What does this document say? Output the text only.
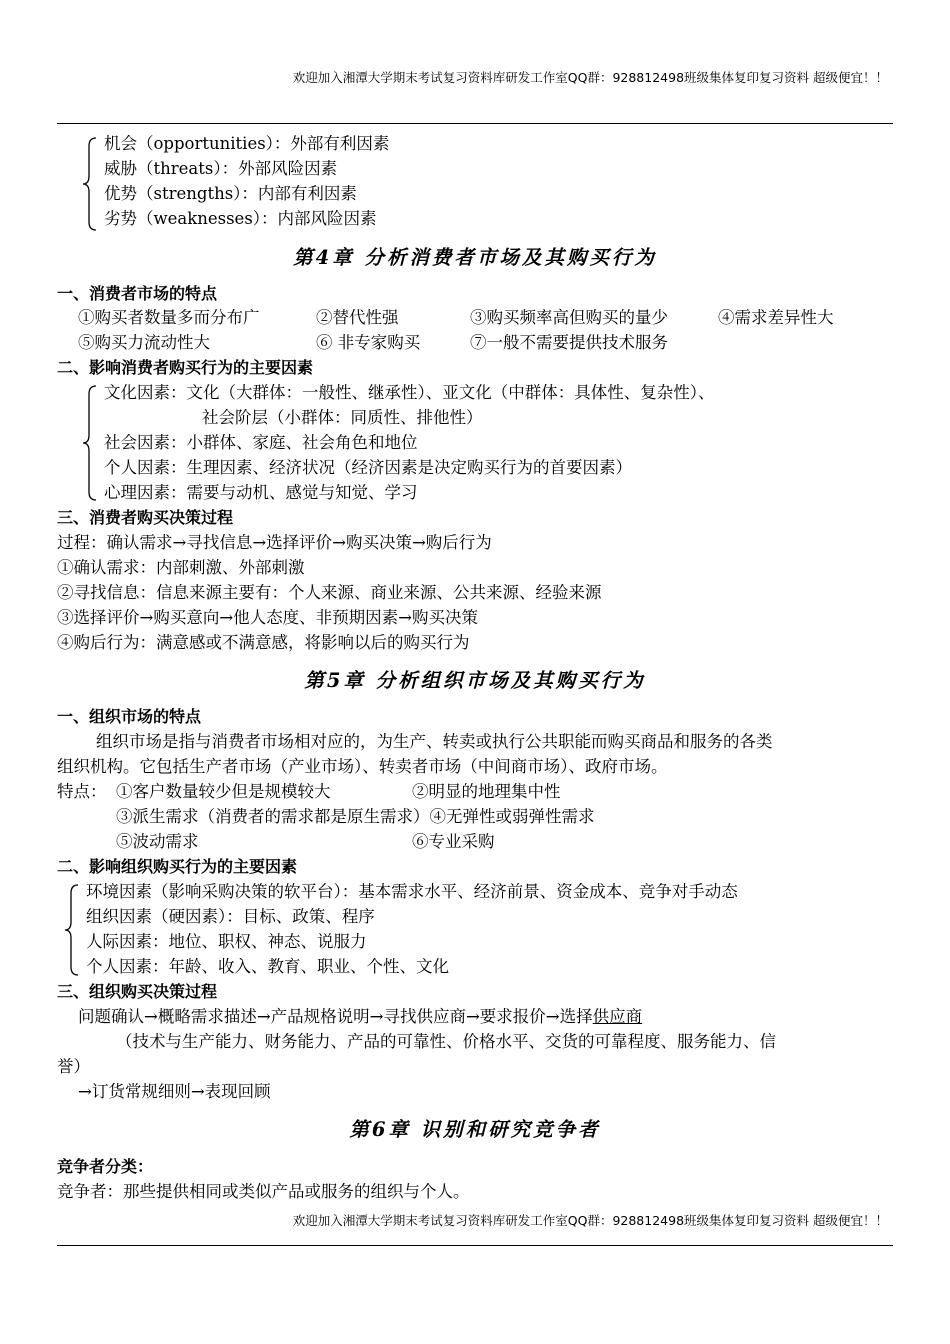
欢迎加入湘潭大学期末考试复习资料库研发工作室QQ群：928812498班级集体复印复习资料 超级便宜！！
机会（opportunities）：外部有利因素
威胁（threats）：外部风险因素
优势（strengths）：内部有利因素
劣势（weaknesses）：内部风险因素
第4章 分析消费者市场及其购买行为
一、消费者市场的特点
①购买者数量多而分布广	②替代性强	③购买频率高但购买的量少	④需求差异性大
⑤购买力流动性大	⑥ 非专家购买	⑦一般不需要提供技术服务
二、影响消费者购买行为的主要因素
文化因素：文化（大群体：一般性、继承性）、亚文化（中群体：具体性、复杂性）、
社会阶层（小群体：同质性、排他性）
社会因素：小群体、家庭、社会角色和地位
个人因素：生理因素、经济状况（经济因素是决定购买行为的首要因素）
心理因素：需要与动机、感觉与知觉、学习
三、消费者购买决策过程
过程：确认需求→寻找信息→选择评价→购买决策→购后行为
①确认需求：内部刺激、外部刺激
②寻找信息：信息来源主要有：个人来源、商业来源、公共来源、经验来源
③选择评价→购买意向→他人态度、非预期因素→购买决策
④购后行为：满意感或不满意感，将影响以后的购买行为
第5章 分析组织市场及其购买行为
一、组织市场的特点
组织市场是指与消费者市场相对应的，为生产、转卖或执行公共职能而购买商品和服务的各类
组织机构。它包括生产者市场（产业市场）、转卖者市场（中间商市场）、政府市场。
特点： ①客户数量较少但是规模较大	②明显的地理集中性
③派生需求（消费者的需求都是原生需求）④无弹性或弱弹性需求
⑤波动需求	⑥专业采购
二、影响组织购买行为的主要因素
环境因素（影响采购决策的软平台）：基本需求水平、经济前景、资金成本、竞争对手动态
组织因素（硬因素）：目标、政策、程序
人际因素：地位、职权、神态、说服力
个人因素：年龄、收入、教育、职业、个性、文化
三、组织购买决策过程
问题确认→概略需求描述→产品规格说明→寻找供应商→要求报价→选择供应商
（技术与生产能力、财务能力、产品的可靠性、价格水平、交货的可靠程度、服务能力、信
誉）
→订货常规细则→表现回顾
第6章 识别和研究竞争者
竞争者分类：
竞争者：那些提供相同或类似产品或服务的组织与个人。
欢迎加入湘潭大学期末考试复习资料库研发工作室QQ群：928812498班级集体复印复习资料 超级便宜！！
